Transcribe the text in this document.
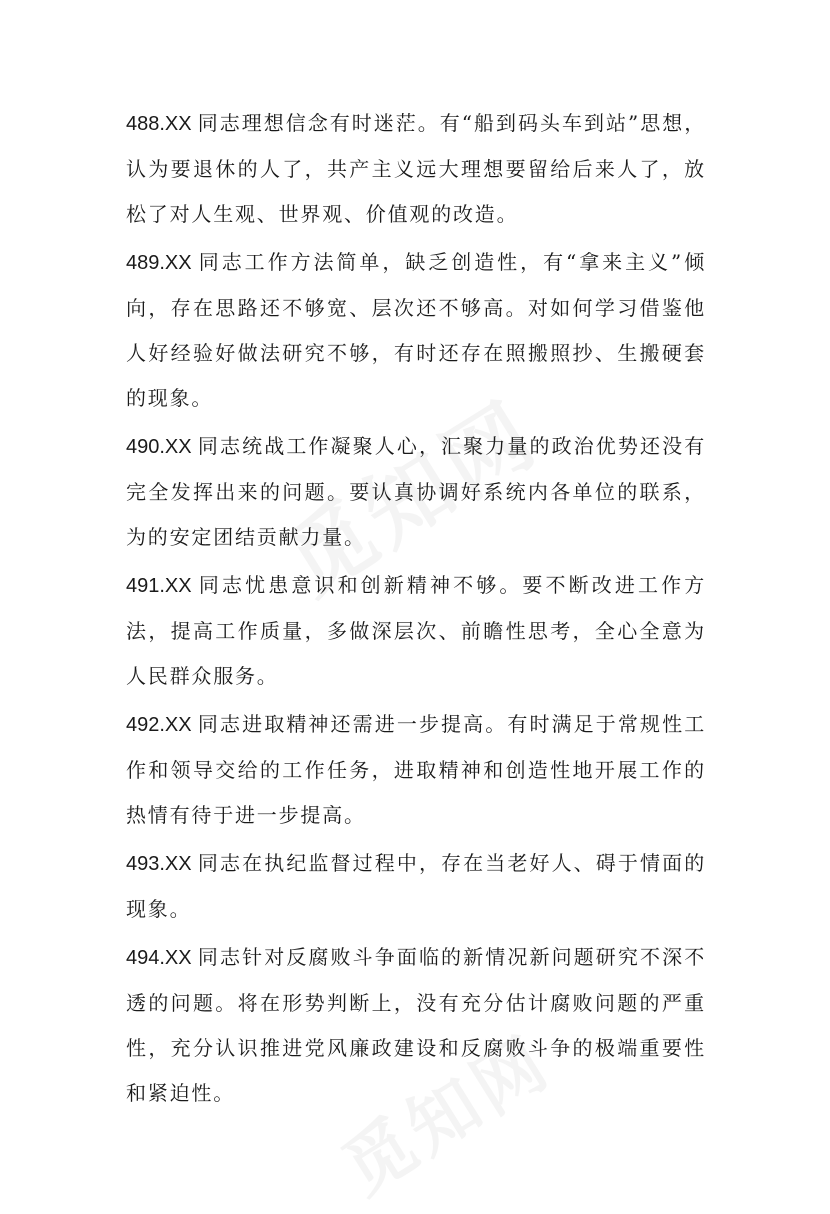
488.XX 同志理想信念有时迷茫。有“船到码头车到站”思想，认为要退休的人了，共产主义远大理想要留给后来人了，放松了对人生观、世界观、价值观的改造。

489.XX 同志工作方法简单，缺乏创造性，有“拿来主义”倾向，存在思路还不够宽、层次还不够高。对如何学习借鉴他人好经验好做法研究不够，有时还存在照搬照抄、生搬硬套的现象。

490.XX 同志统战工作凝聚人心，汇聚力量的政治优势还没有完全发挥出来的问题。要认真协调好系统内各单位的联系，为的安定团结贡献力量。

491.XX 同志忧患意识和创新精神不够。要不断改进工作方法，提高工作质量，多做深层次、前瞻性思考，全心全意为人民群众服务。

492.XX 同志进取精神还需进一步提高。有时满足于常规性工作和领导交给的工作任务，进取精神和创造性地开展工作的热情有待于进一步提高。

493.XX 同志在执纪监督过程中，存在当老好人、碍于情面的现象。

494.XX 同志针对反腐败斗争面临的新情况新问题研究不深不透的问题。将在形势判断上，没有充分估计腐败问题的严重性，充分认识推进党风廉政建设和反腐败斗争的极端重要性和紧迫性。
